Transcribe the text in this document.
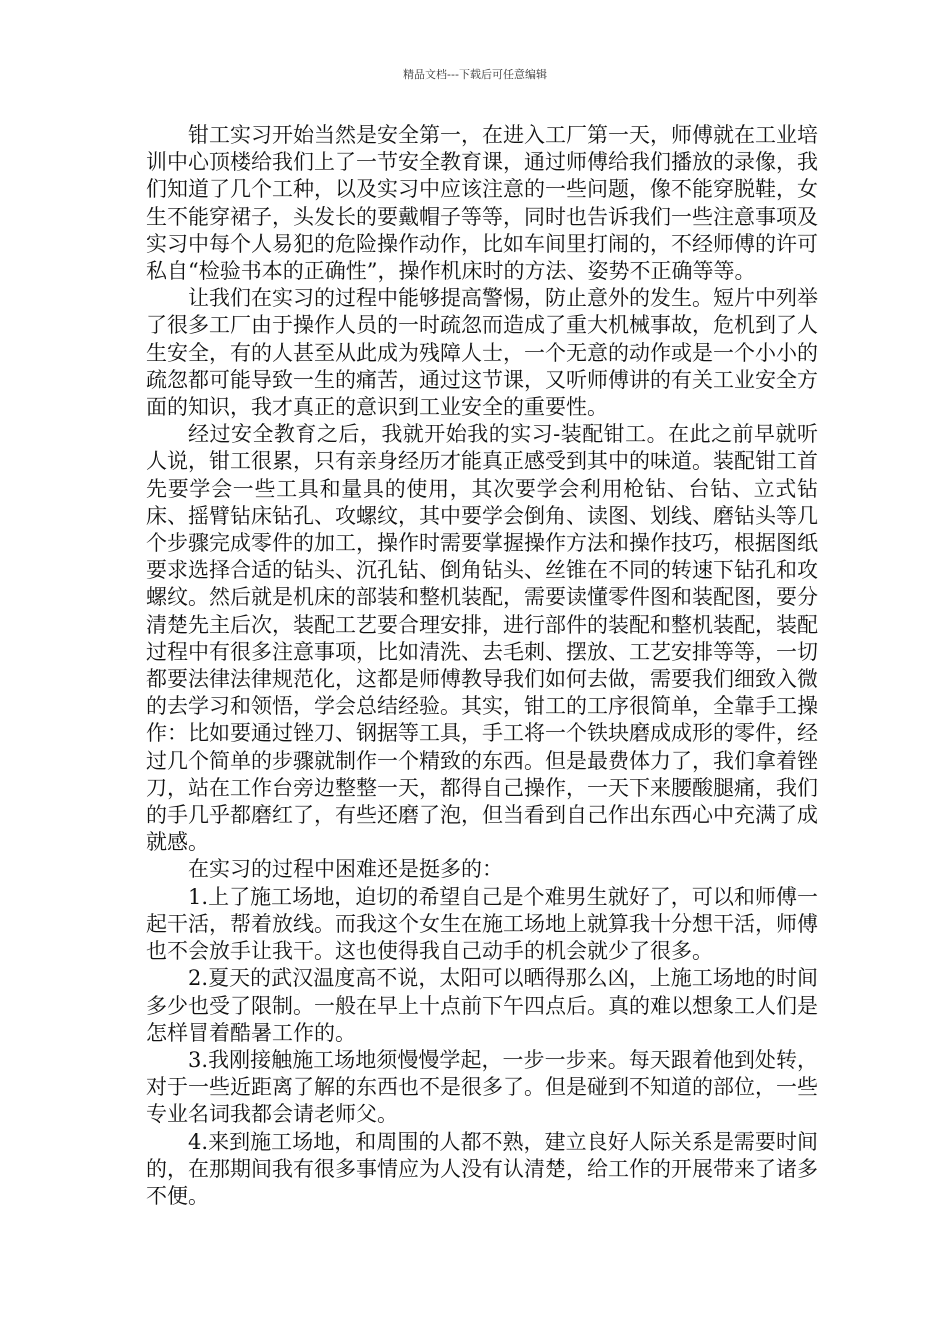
精品文档---下载后可任意编辑

钳工实习开始当然是安全第一，在进入工厂第一天，师傅就在工业培训中心顶楼给我们上了一节安全教育课，通过师傅给我们播放的录像，我们知道了几个工种，以及实习中应该注意的一些问题，像不能穿脱鞋，女生不能穿裙子，头发长的要戴帽子等等，同时也告诉我们一些注意事项及实习中每个人易犯的危险操作动作，比如车间里打闹的，不经师傅的许可私自“检验书本的正确性”，操作机床时的方法、姿势不正确等等。

让我们在实习的过程中能够提高警惕，防止意外的发生。短片中列举了很多工厂由于操作人员的一时疏忽而造成了重大机械事故，危机到了人生安全，有的人甚至从此成为残障人士，一个无意的动作或是一个小小的疏忽都可能导致一生的痛苦，通过这节课，又听师傅讲的有关工业安全方面的知识，我才真正的意识到工业安全的重要性。

经过安全教育之后，我就开始我的实习-装配钳工。在此之前早就听人说，钳工很累，只有亲身经历才能真正感受到其中的味道。装配钳工首先要学会一些工具和量具的使用，其次要学会利用枪钻、台钻、立式钻床、摇臂钻床钻孔、攻螺纹，其中要学会倒角、读图、划线、磨钻头等几个步骤完成零件的加工，操作时需要掌握操作方法和操作技巧，根据图纸要求选择合适的钻头、沉孔钻、倒角钻头、丝锥在不同的转速下钻孔和攻螺纹。然后就是机床的部装和整机装配，需要读懂零件图和装配图，要分清楚先主后次，装配工艺要合理安排，进行部件的装配和整机装配，装配过程中有很多注意事项，比如清洗、去毛刺、摆放、工艺安排等等，一切都要法律法律规范化，这都是师傅教导我们如何去做，需要我们细致入微的去学习和领悟，学会总结经验。其实，钳工的工序很简单，全靠手工操作：比如要通过锉刀、钢据等工具，手工将一个铁块磨成成形的零件，经过几个简单的步骤就制作一个精致的东西。但是最费体力了，我们拿着锉刀，站在工作台旁边整整一天，都得自己操作，一天下来腰酸腿痛，我们的手几乎都磨红了，有些还磨了泡，但当看到自己作出东西心中充满了成就感。

在实习的过程中困难还是挺多的：

1.上了施工场地，迫切的希望自己是个难男生就好了，可以和师傅一起干活，帮着放线。而我这个女生在施工场地上就算我十分想干活，师傅也不会放手让我干。这也使得我自己动手的机会就少了很多。

2.夏天的武汉温度高不说，太阳可以晒得那么凶，上施工场地的时间多少也受了限制。一般在早上十点前下午四点后。真的难以想象工人们是怎样冒着酷暑工作的。

3.我刚接触施工场地须慢慢学起，一步一步来。每天跟着他到处转，对于一些近距离了解的东西也不是很多了。但是碰到不知道的部位，一些专业名词我都会请老师父。

4.来到施工场地，和周围的人都不熟，建立良好人际关系是需要时间的，在那期间我有很多事情应为人没有认清楚，给工作的开展带来了诸多不便。
